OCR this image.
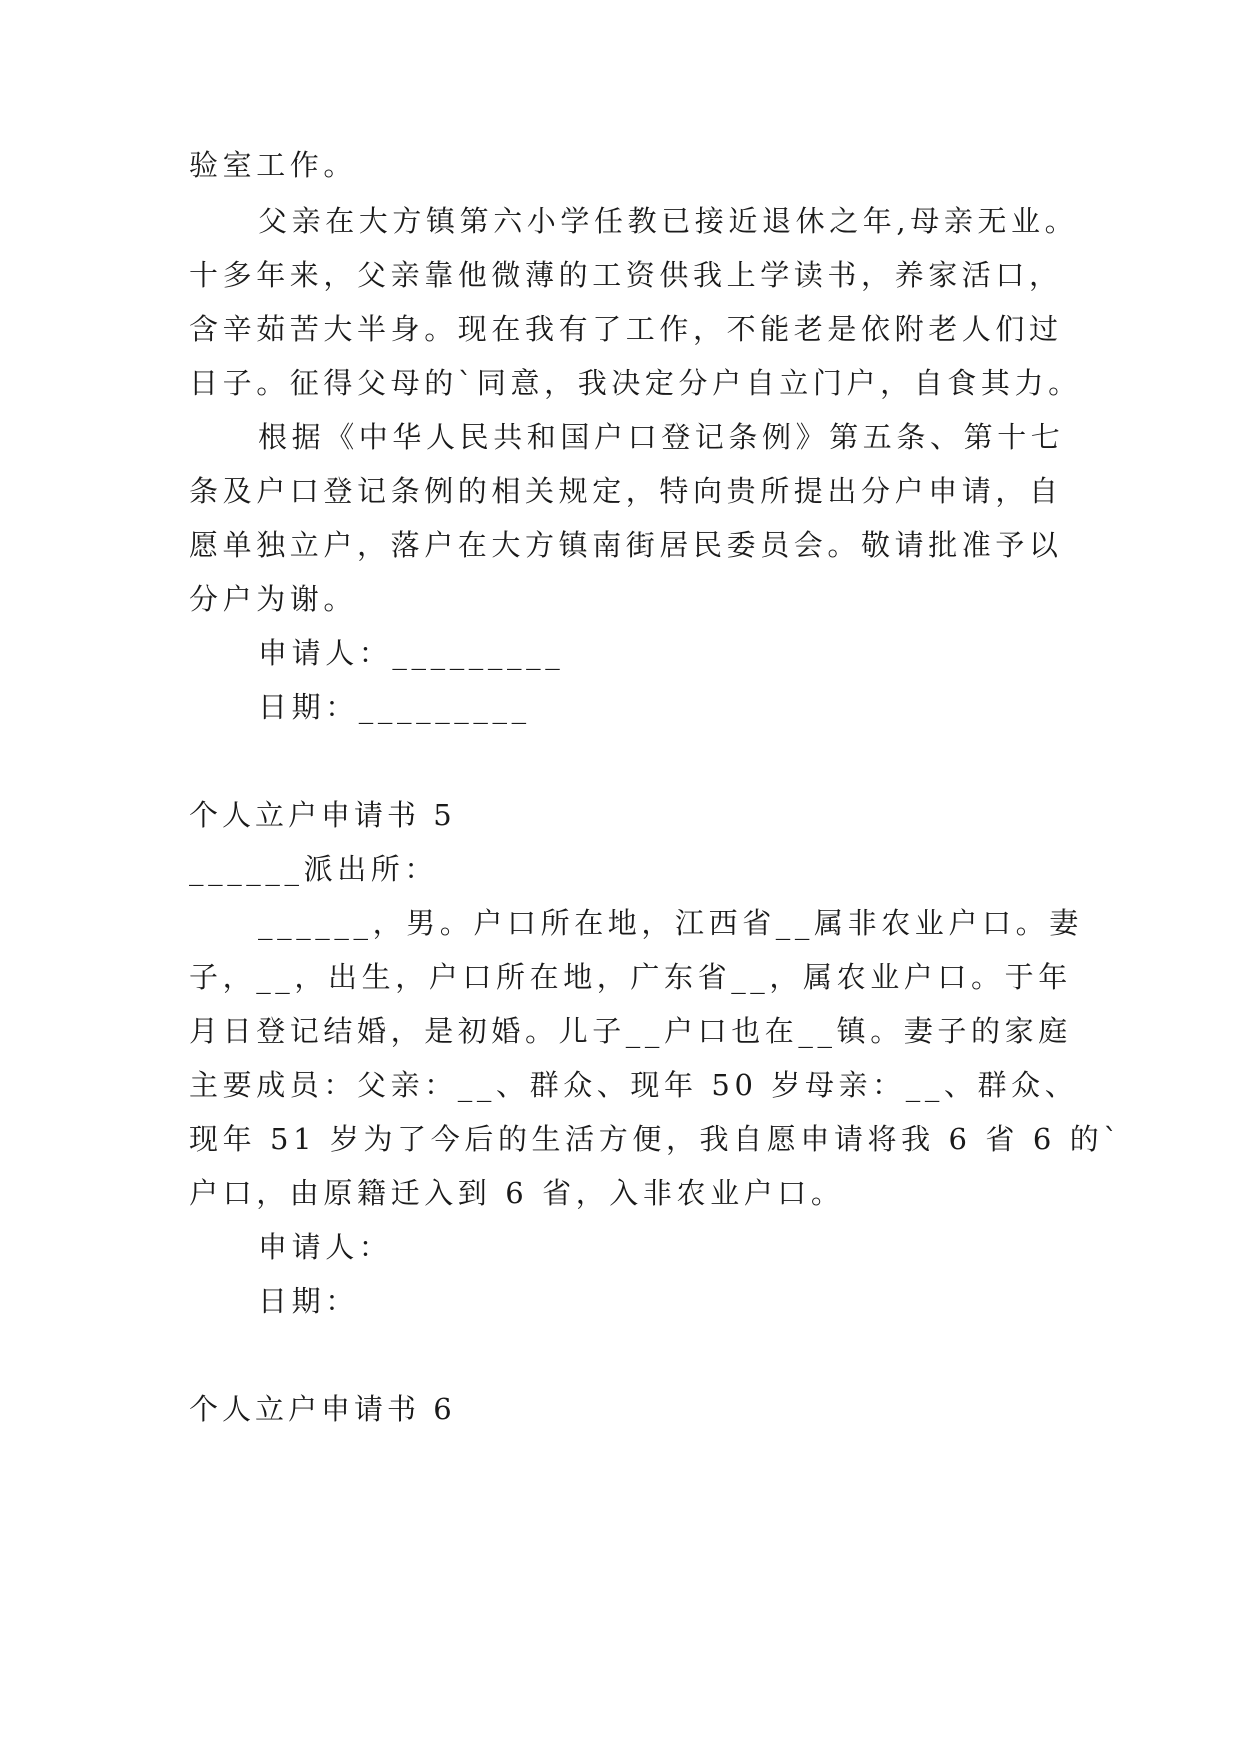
验室工作。
父亲在大方镇第六小学任教已接近退休之年,母亲无业。
十多年来，父亲靠他微薄的工资供我上学读书，养家活口，
含辛茹苦大半身。现在我有了工作，不能老是依附老人们过
日子。征得父母的`同意，我决定分户自立门户，自食其力。
根据《中华人民共和国户口登记条例》第五条、第十七
条及户口登记条例的相关规定，特向贵所提出分户申请，自
愿单独立户，落户在大方镇南街居民委员会。敬请批准予以
分户为谢。
申请人：_________
日期：_________
个人立户申请书 5
______派出所：
______，男。户口所在地，江西省__属非农业户口。妻
子，__，出生，户口所在地，广东省__，属农业户口。于年
月日登记结婚，是初婚。儿子__户口也在__镇。妻子的家庭
主要成员：父亲：__、群众、现年 50 岁母亲：__、群众、
现年 51 岁为了今后的生活方便，我自愿申请将我 6 省 6 的`
户口，由原籍迁入到 6 省，入非农业户口。
申请人：
日期：
个人立户申请书 6
